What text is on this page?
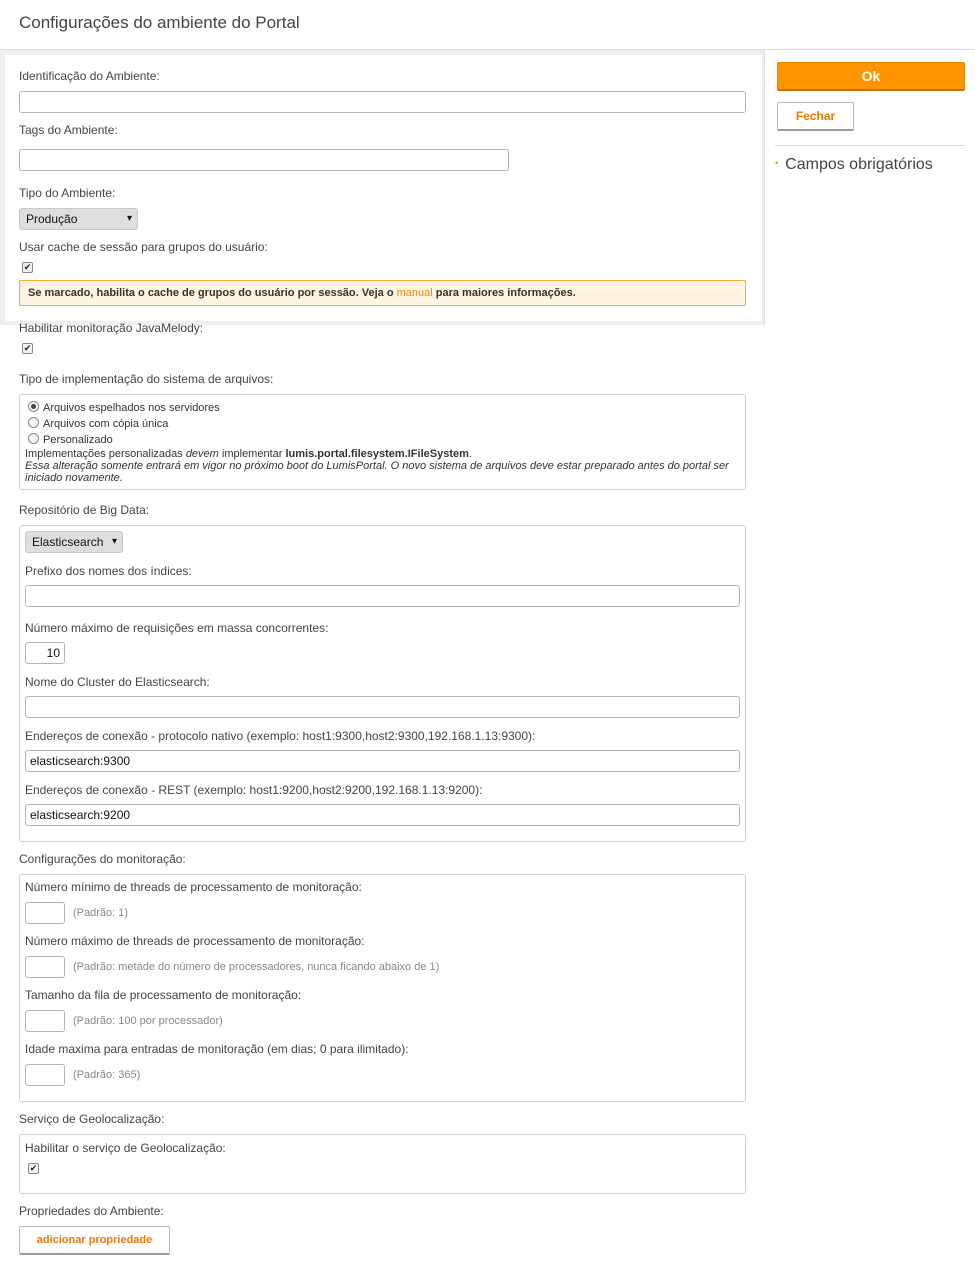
Configurações do ambiente do Portal
Identificação do Ambiente:
Tags do Ambiente:
Tipo do Ambiente:
Produção	▾
Usar cache de sessão para grupos do usuário:
✔
Se marcado, habilita o cache de grupos do usuário por sessão. Veja o manual para maiores informações.
Habilitar monitoração JavaMelody:
✔
Tipo de implementação do sistema de arquivos:
Arquivos espelhados nos servidores
Arquivos com cópia única
Personalizado
Implementações personalizadas devem implementar lumis.portal.filesystem.IFileSystem.
Essa alteração somente entrará em vigor no próximo boot do LumisPortal. O novo sistema de arquivos deve estar preparado antes do portal ser
iniciado novamente.
Repositório de Big Data:
Elasticsearch ▾
Prefixo dos nomes dos índices:
Número máximo de requisições em massa concorrentes:
10
Nome do Cluster do Elasticsearch:
Endereços de conexão - protocolo nativo (exemplo: host1:9300,host2:9300,192.168.1.13:9300):
elasticsearch:9300
Endereços de conexão - REST (exemplo: host1:9200,host2:9200,192.168.1.13:9200):
elasticsearch:9200
Configurações do monitoração:
Número mínimo de threads de processamento de monitoração:
(Padrão: 1)
Número máximo de threads de processamento de monitoração:
(Padrão: metade do número de processadores, nunca ficando abaixo de 1)
Tamanho da fila de processamento de monitoração:
(Padrão: 100 por processador)
Idade maxima para entradas de monitoração (em dias; 0 para ilimitado):
(Padrão: 365)
Serviço de Geolocalização:
Habilitar o serviço de Geolocalização:
✔
Propriedades do Ambiente:
adicionar propriedade
Ok
Fechar
• Campos obrigatórios
